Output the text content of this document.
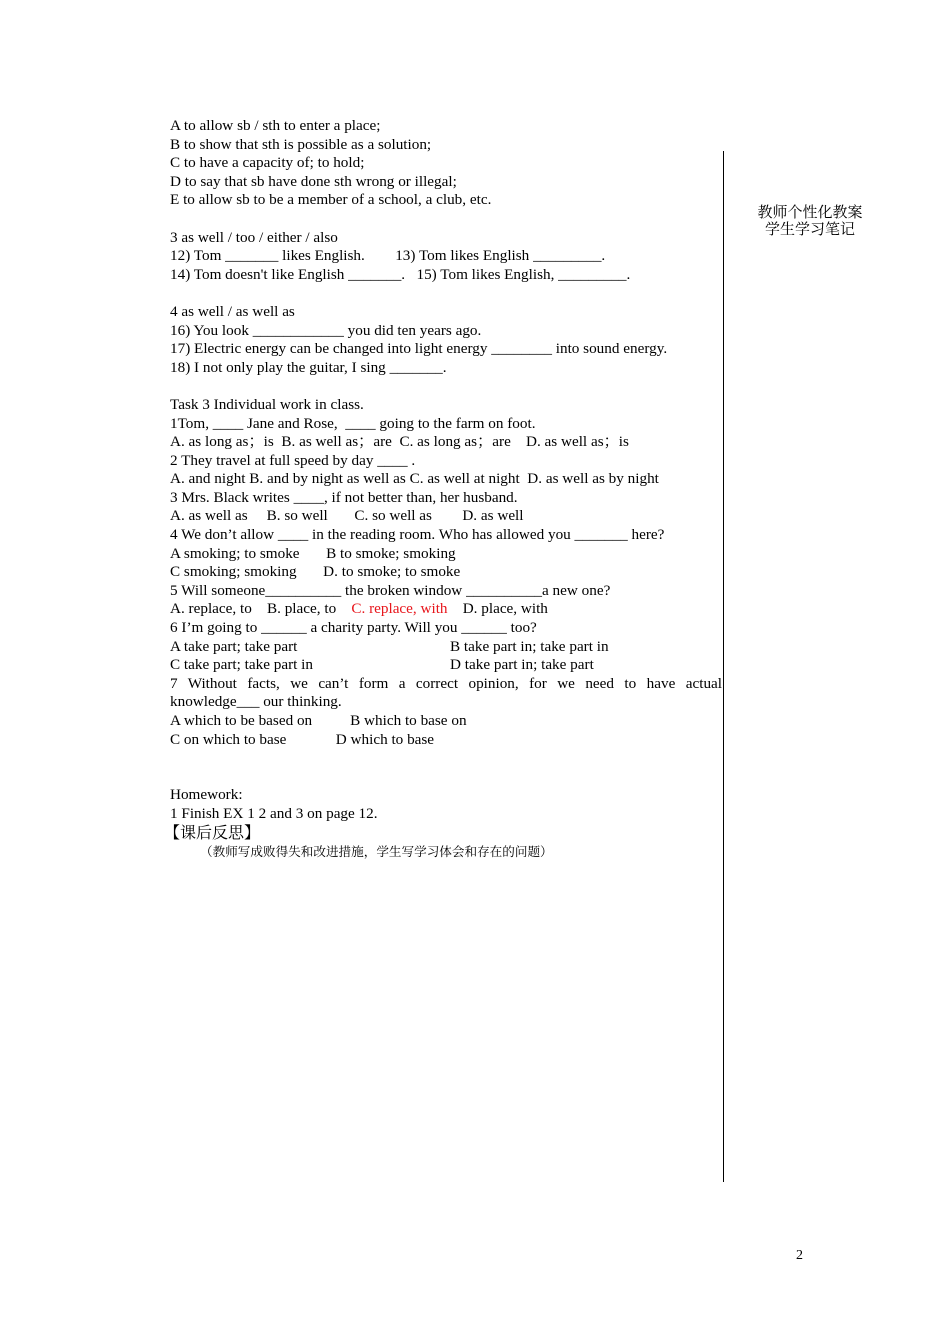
A to allow sb / sth to enter a place;
B to show that sth is possible as a solution;
C to have a capacity of; to hold;
D to say that sb have done sth wrong or illegal;
E to allow sb to be a member of a school, a club, etc.
3 as well / too / either / also
12) Tom _______ likes English.        13) Tom likes English _________.
14) Tom doesn't like English _______.   15) Tom likes English, _________.
4 as well / as well as
16) You look ____________ you did ten years ago.
17) Electric energy can be changed into light energy ________ into sound energy.
18) I not only play the guitar, I sing _______.
Task 3 Individual work in class.
1Tom, ____ Jane and Rose,  ____ going to the farm on foot.
A. as long as；is  B. as well as；are  C. as long as；are    D. as well as；is
2 They travel at full speed by day ____ .
A. and night B. and by night as well as C. as well at night  D. as well as by night
3 Mrs. Black writes ____, if not better than, her husband.
A. as well as     B. so well       C. so well as        D. as well
4 We don’t allow ____ in the reading room. Who has allowed you _______ here?
A smoking; to smoke       B to smoke; smoking
C smoking; smoking       D. to smoke; to smoke
5 Will someone__________ the broken window __________a new one?
A. replace, to    B. place, to    C. replace, with    D. place, with
6 I’m going to ______ a charity party. Will you ______ too?
A take part; take part	B take part in; take part in
C take part; take part in	D take part in; take part
7 Without facts, we can’t form a correct opinion, for we need to have actual
knowledge___ our thinking.
A which to be based on          B which to base on
C on which to base             D which to base
Homework:
1 Finish EX 1 2 and 3 on page 12.
【课后反思】
（教师写成败得失和改进措施，学生写学习体会和存在的问题）
教师个性化教案
学生学习笔记
2
